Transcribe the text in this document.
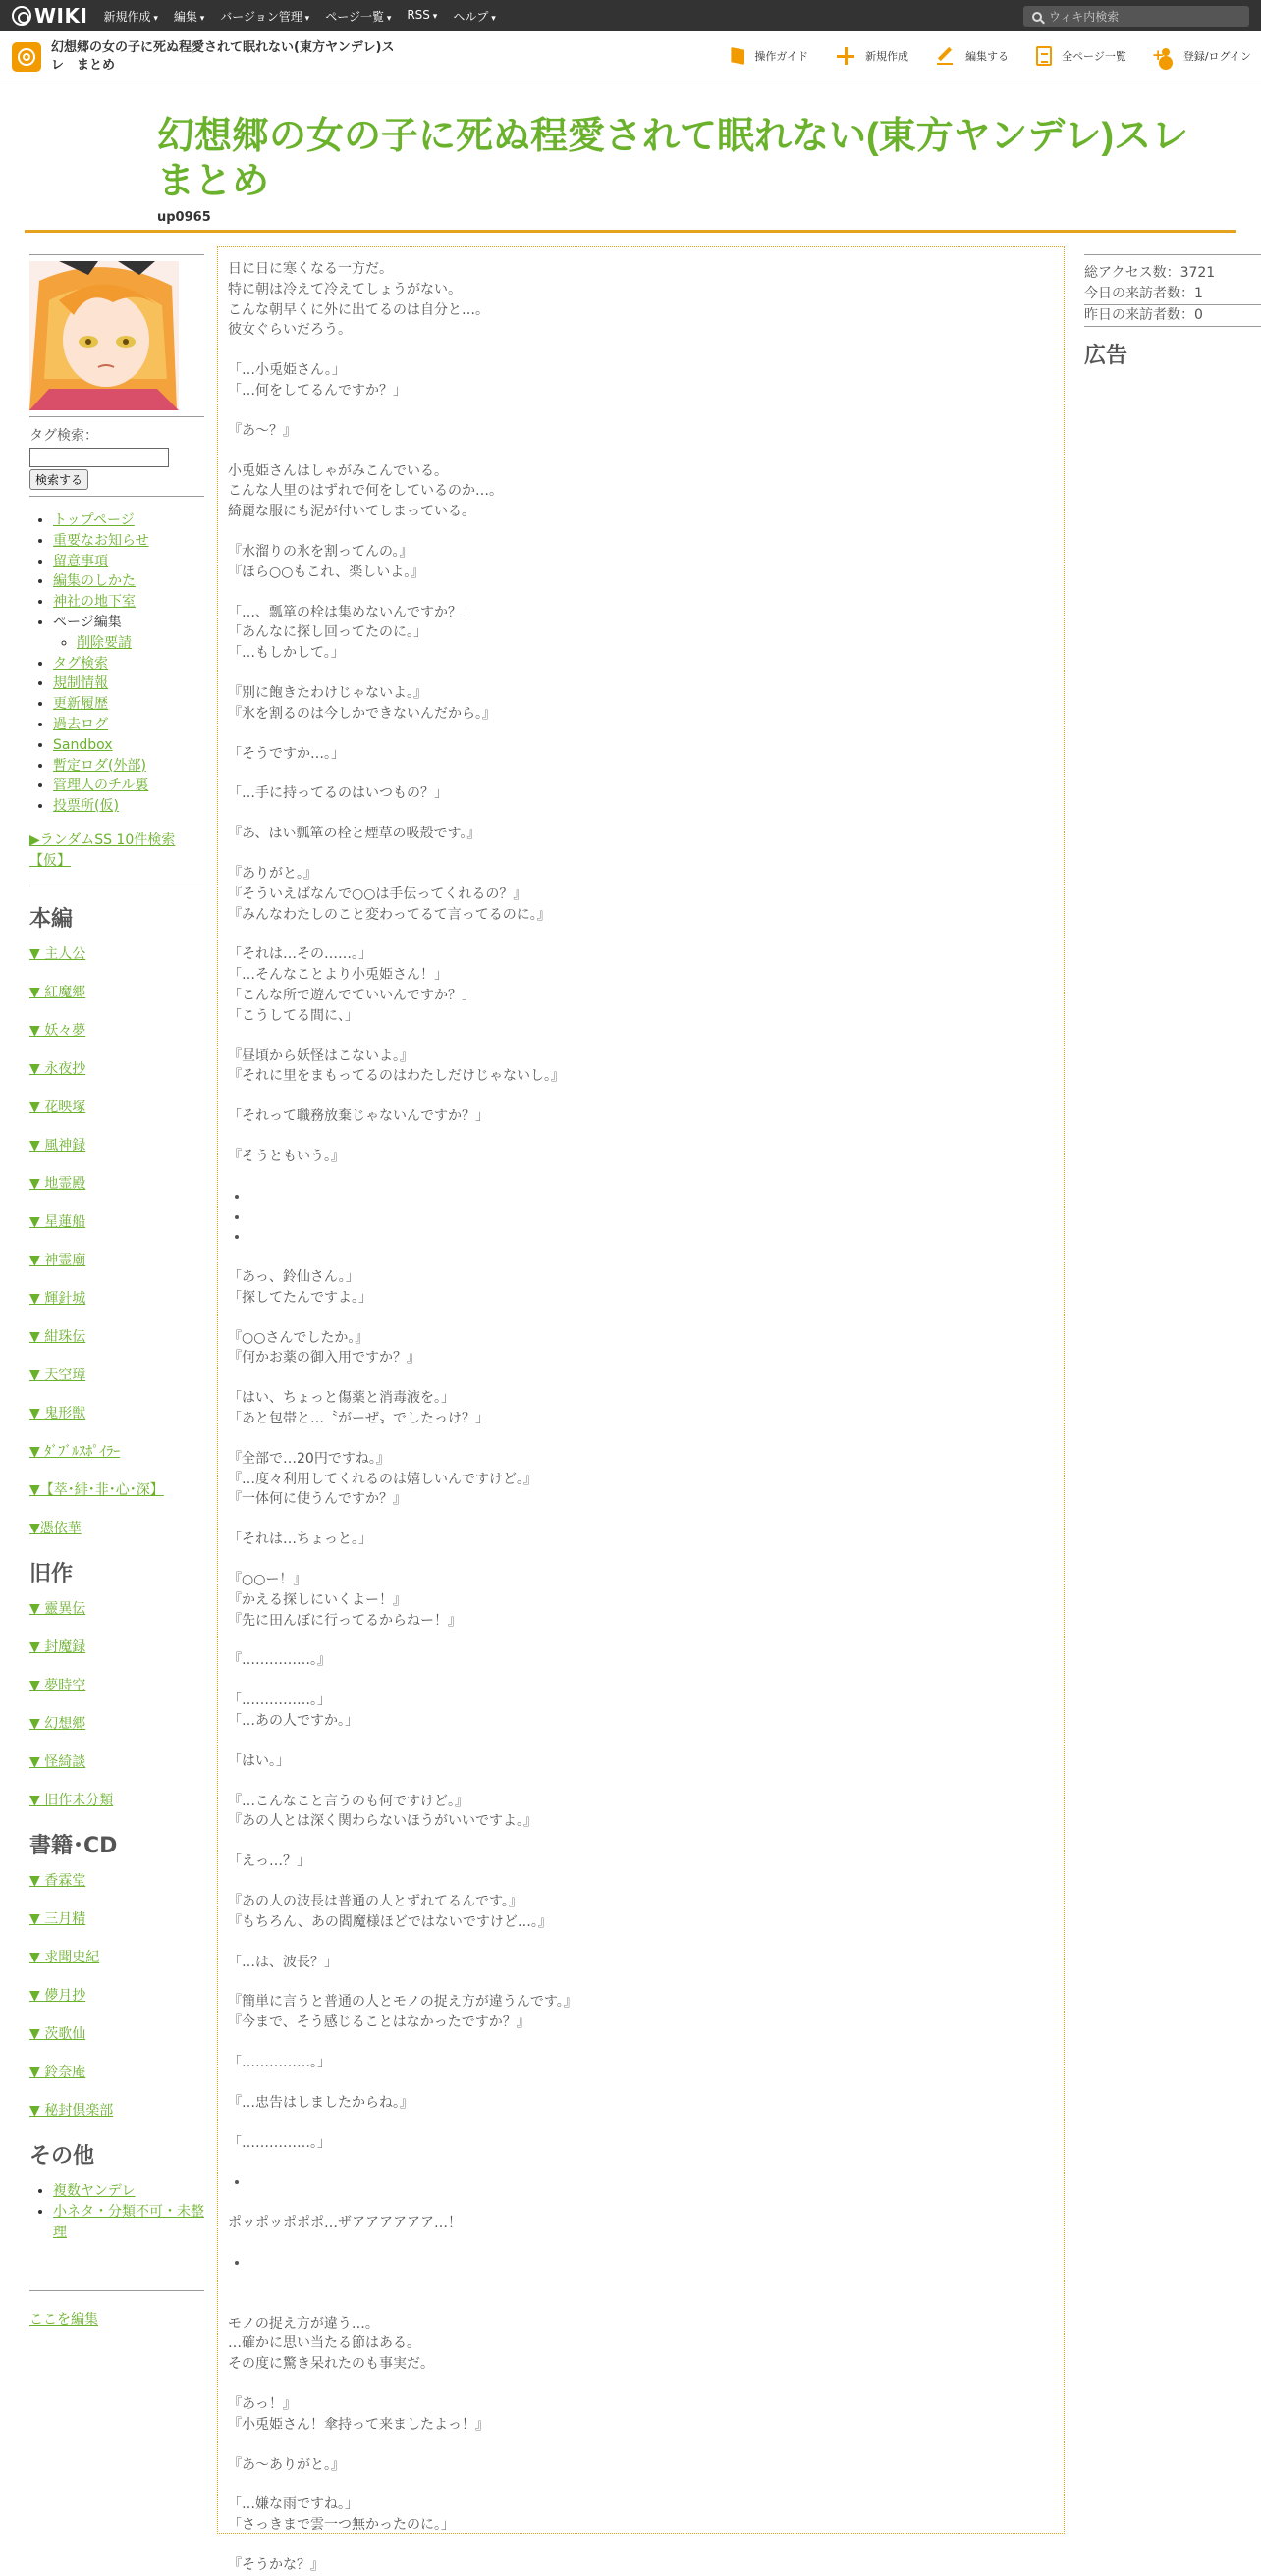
WIKI 新規作成 ▾	編集 ▾	バージョン管理 ▾	ページ一覧 ▾	RSS ▾	ヘルプ ▾
ウィキ内検索
幻想郷の女の子に死ぬ程愛されて眠れない(東方ヤンデレ)スレ　まとめ
操作ガイド	新規作成	編集する	全ページ一覧
+	登録/ログイン
幻想郷の女の子に死ぬ程愛されて眠れない(東方ヤンデレ)スレ　まとめ
up0965
タグ検索：
検索する
• トップページ
• 重要なお知らせ
• 留意事項
• 編集のしかた
• 神社の地下室
• ページ編集
◦ 削除要請
• タグ検索
• 規制情報
• 更新履歴
• 過去ログ
• Sandbox
• 暫定ロダ(外部)
• 管理人のチル裏
• 投票所(仮)
▶ランダムSS 10件検索【仮】
本編
▼ 主人公
▼ 紅魔郷
▼ 妖々夢
▼ 永夜抄
▼ 花映塚
▼ 風神録
▼ 地霊殿
▼ 星蓮船
▼ 神霊廟
▼ 輝針城
▼ 紺珠伝
▼ 天空璋
▼ 鬼形獣
▼ ﾀﾞﾌﾞﾙｽﾎﾟｲﾗｰ
▼【萃･緋･非･心･深】
▼憑依華
旧作
▼ 靈異伝
▼ 封魔録
▼ 夢時空
▼ 幻想郷
▼ 怪綺談
▼ 旧作未分類
書籍･CD
▼ 香霖堂
▼ 三月精
▼ 求聞史紀
▼ 儚月抄
▼ 茨歌仙
▼ 鈴奈庵
▼ 秘封倶楽部
その他
• 複数ヤンデレ
• 小ネタ・分類不可・未整理
ここを編集

日に日に寒くなる一方だ。
特に朝は冷えて冷えてしょうがない。
こんな朝早くに外に出てるのは自分と…。
彼女ぐらいだろう。

「…小兎姫さん。」
「…何をしてるんですか？」

『あ～？』

小兎姫さんはしゃがみこんでいる。
こんな人里のはずれで何をしているのか…。
綺麗な服にも泥が付いてしまっている。

『水溜りの氷を割ってんの。』
『ほら○○もこれ、楽しいよ。』

「…、瓢箪の栓は集めないんですか？」
「あんなに探し回ってたのに。」
「…もしかして。」

『別に飽きたわけじゃないよ。』
『氷を割るのは今しかできないんだから。』

「そうですか…。」

「…手に持ってるのはいつもの？」

『あ、はい瓢箪の栓と煙草の吸殻です。』

『ありがと。』
『そういえばなんで○○は手伝ってくれるの？』
『みんなわたしのこと変わってるて言ってるのに。』

「それは…その……。」
「…そんなことより小兎姫さん！」
「こんな所で遊んでていいんですか？」
「こうしてる間に、」

『昼頃から妖怪はこないよ。』
『それに里をまもってるのはわたしだけじゃないし。』

「それって職務放棄じゃないんですか？」

『そうともいう。』

•
•
•

「あっ、鈴仙さん。」
「探してたんですよ。」

『○○さんでしたか。』
『何かお薬の御入用ですか？』

「はい、ちょっと傷薬と消毒液を。」
「あと包帯と…〝がーぜ〟でしたっけ？」

『全部で…20円ですね。』
『…度々利用してくれるのは嬉しいんですけど。』
『一体何に使うんですか？』

「それは…ちょっと。」

『○○ー！』
『かえる探しにいくよー！』
『先に田んぼに行ってるからねー！』

『……………。』

「……………。」
「…あの人ですか。」

「はい。」

『…こんなこと言うのも何ですけど。』
『あの人とは深く関わらないほうがいいですよ。』

「えっ…？」

『あの人の波長は普通の人とずれてるんです。』
『もちろん、あの閻魔様ほどではないですけど…。』

「…は、波長？」

『簡単に言うと普通の人とモノの捉え方が違うんです。』
『今まで、そう感じることはなかったですか？』

「……………。」

『…忠告はしましたからね。』

「……………。」

•

ポッポッポポポ…ザアアアアアア…！

•

モノの捉え方が違う…。
…確かに思い当たる節はある。
その度に驚き呆れたのも事実だ。

『あっ！』
『小兎姫さん！傘持って来ましたよっ！』

『あ～ありがと。』

「…嫌な雨ですね。」
「さっきまで雲一つ無かったのに。」

『そうかな？』

総アクセス数：3721
今日の来訪者数：1
昨日の来訪者数：0
広告
